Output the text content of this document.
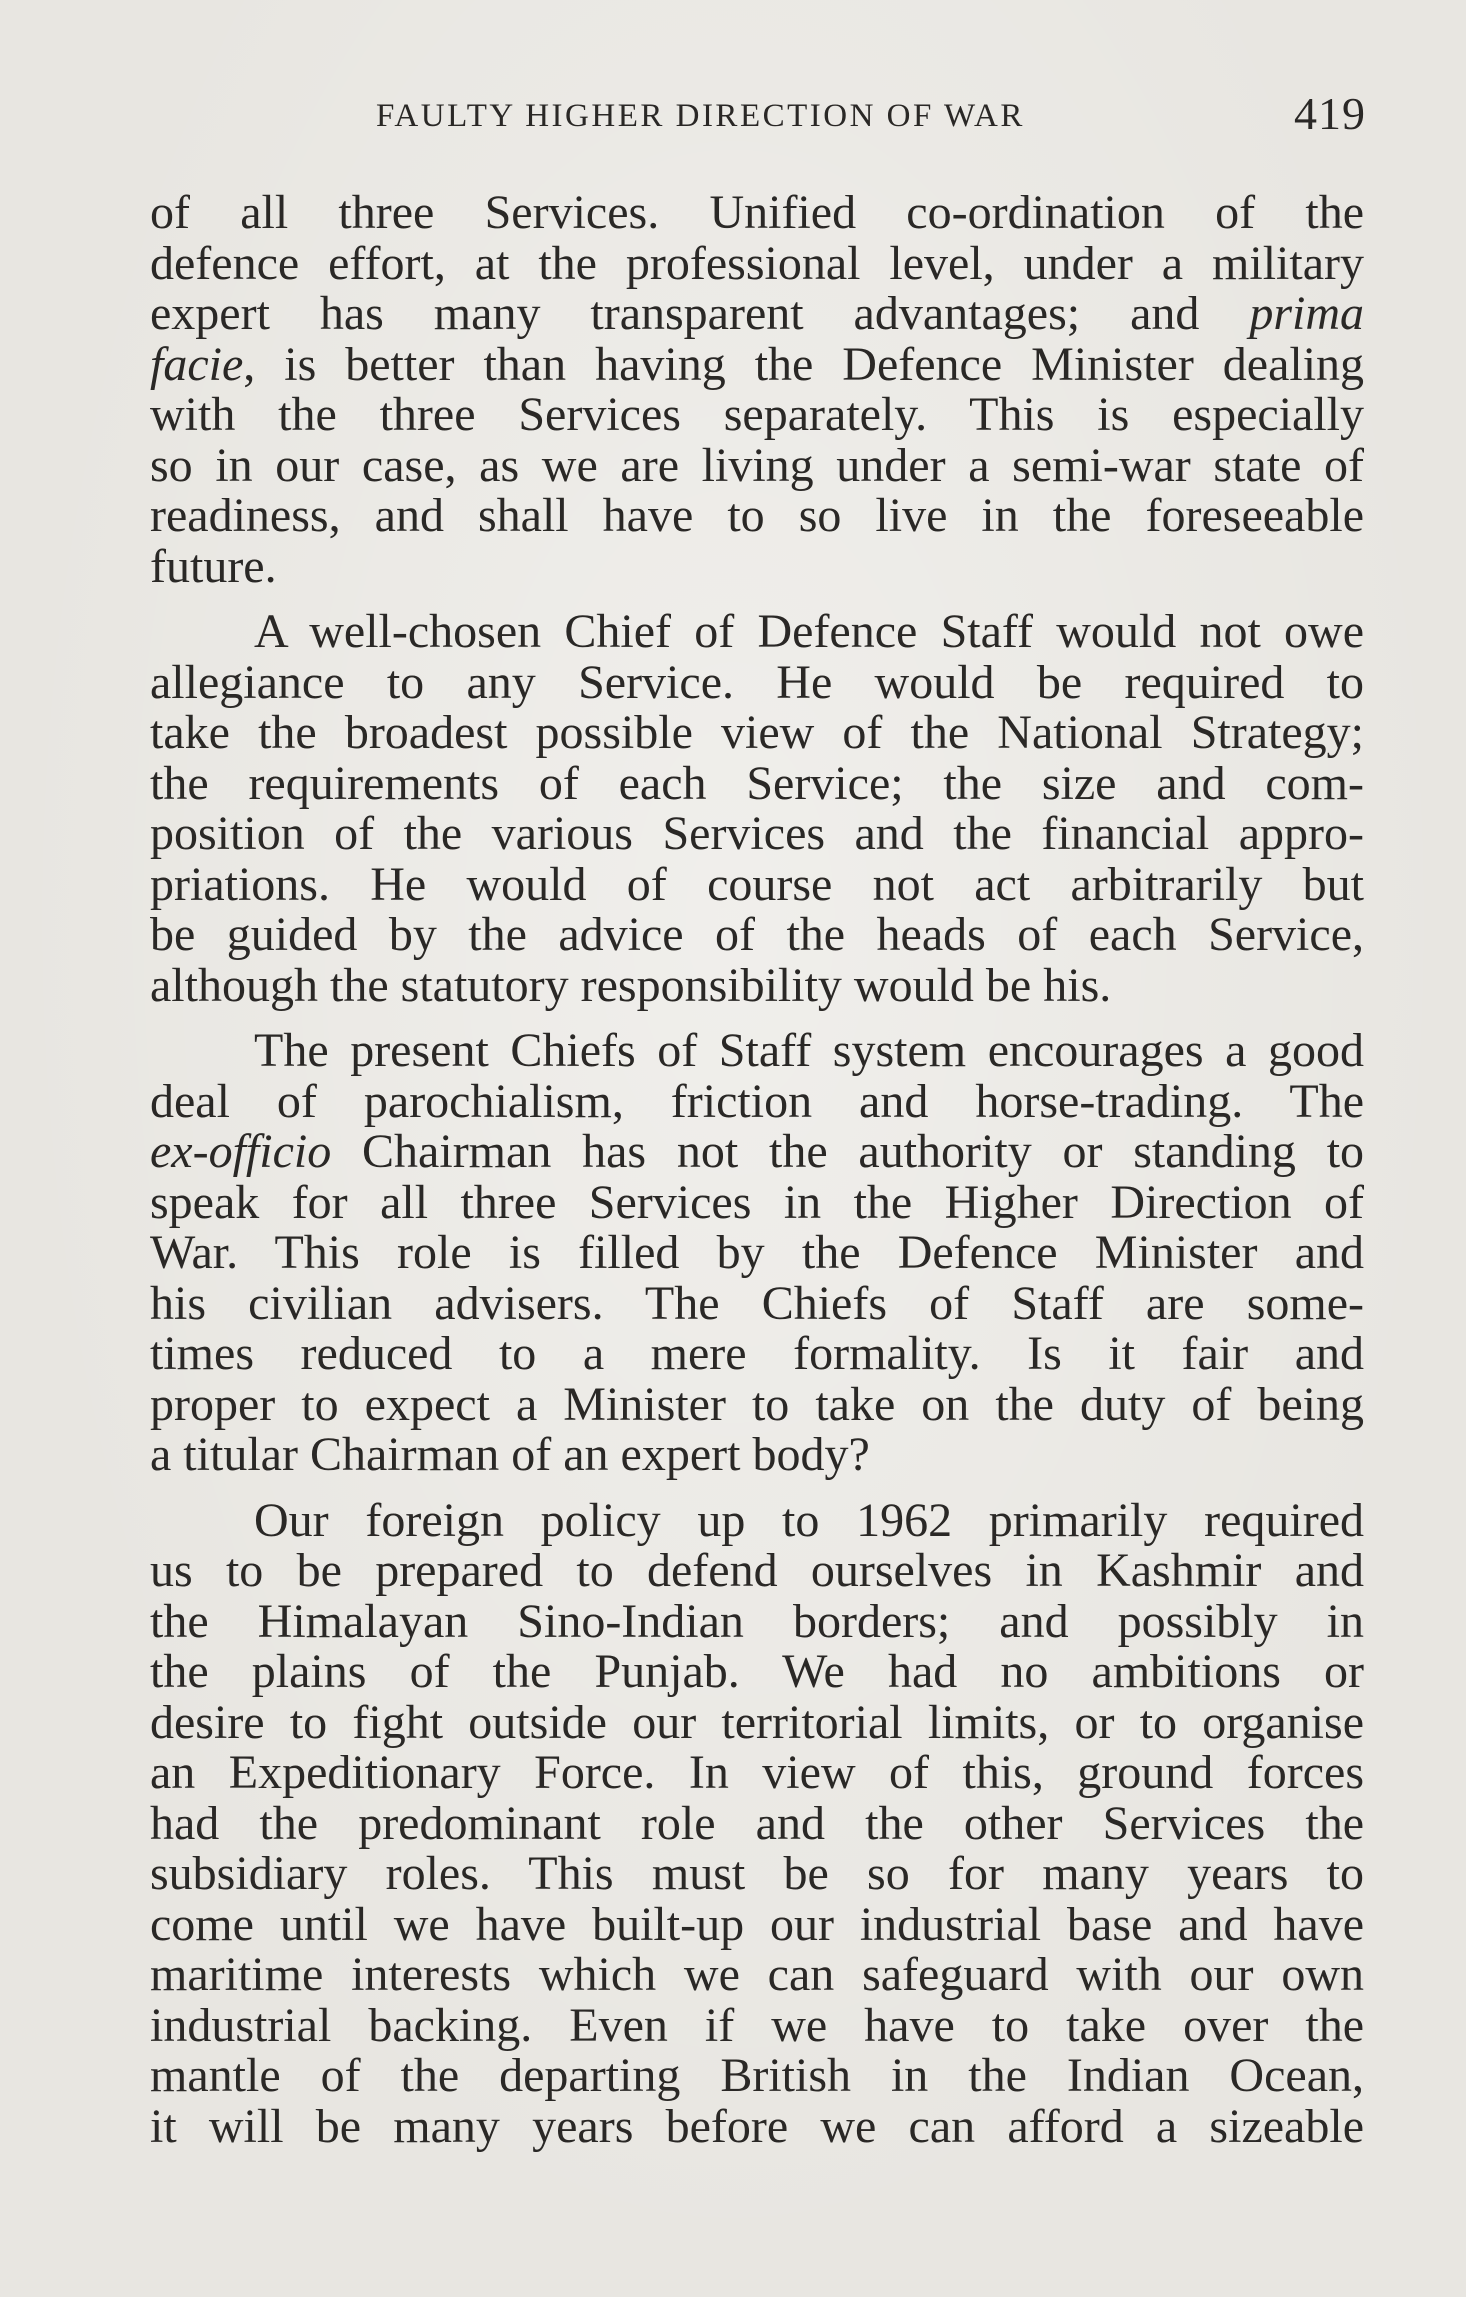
FAULTY HIGHER DIRECTION OF WAR	419

of all three Services. Unified co-ordination of the
defence effort, at the professional level, under a military
expert has many transparent advantages; and prima
facie, is better than having the Defence Minister dealing
with the three Services separately. This is especially
so in our case, as we are living under a semi-war state of
readiness, and shall have to so live in the foreseeable
future.

A well-chosen Chief of Defence Staff would not owe
allegiance to any Service. He would be required to
take the broadest possible view of the National Strategy;
the requirements of each Service; the size and com-
position of the various Services and the financial appro-
priations. He would of course not act arbitrarily but
be guided by the advice of the heads of each Service,
although the statutory responsibility would be his.

The present Chiefs of Staff system encourages a good
deal of parochialism, friction and horse-trading. The
ex-officio Chairman has not the authority or standing to
speak for all three Services in the Higher Direction of
War. This role is filled by the Defence Minister and
his civilian advisers. The Chiefs of Staff are some-
times reduced to a mere formality. Is it fair and
proper to expect a Minister to take on the duty of being
a titular Chairman of an expert body?

Our foreign policy up to 1962 primarily required
us to be prepared to defend ourselves in Kashmir and
the Himalayan Sino-Indian borders; and possibly in
the plains of the Punjab. We had no ambitions or
desire to fight outside our territorial limits, or to organise
an Expeditionary Force. In view of this, ground forces
had the predominant role and the other Services the
subsidiary roles. This must be so for many years to
come until we have built-up our industrial base and have
maritime interests which we can safeguard with our own
industrial backing. Even if we have to take over the
mantle of the departing British in the Indian Ocean,
it will be many years before we can afford a sizeable
